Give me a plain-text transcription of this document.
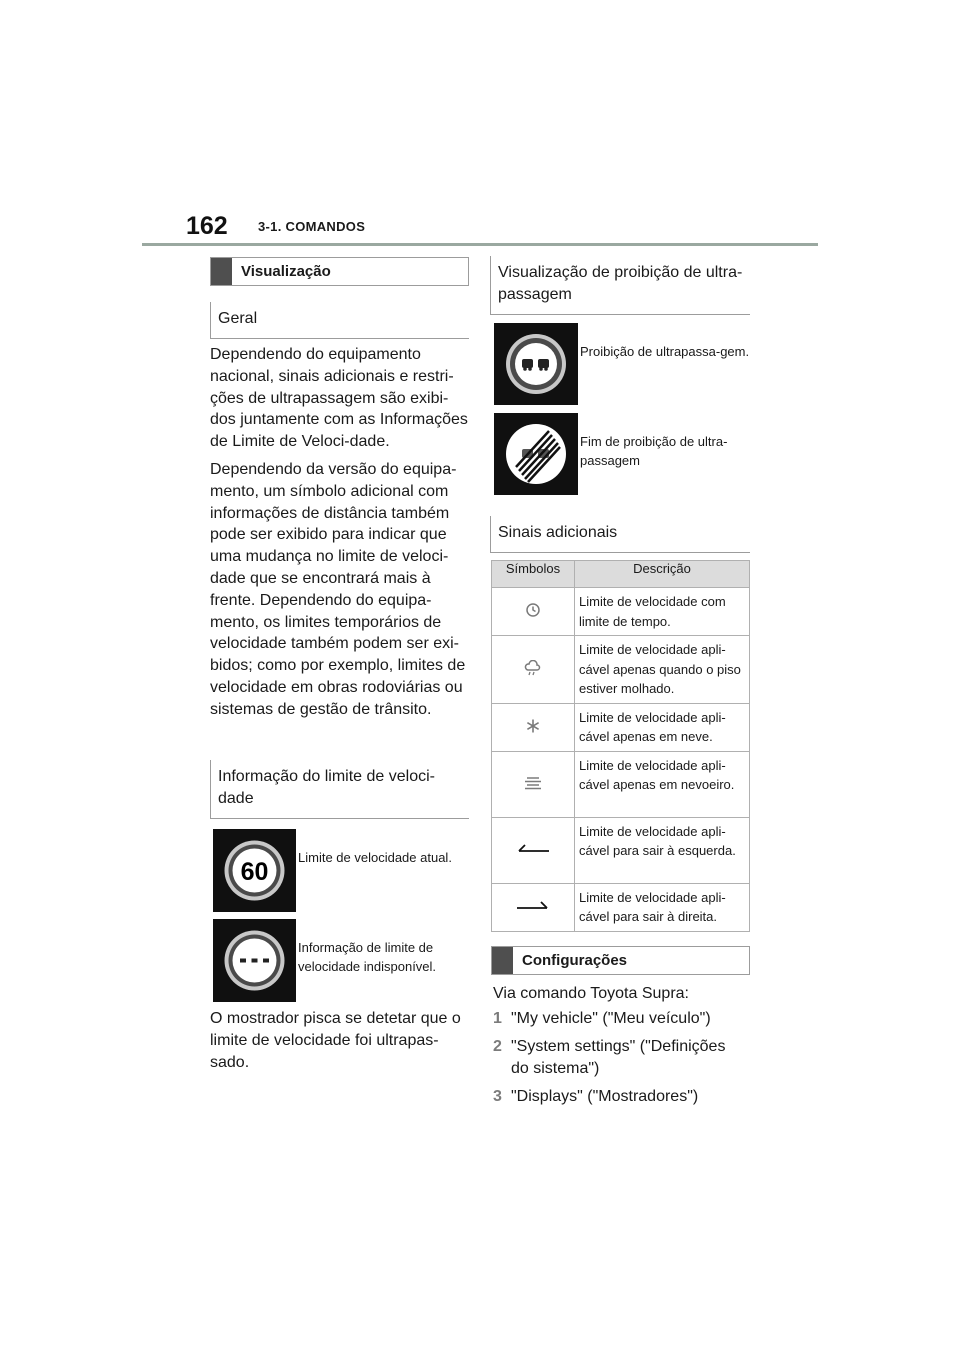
162 3-1. COMANDOS
Visualização
Geral

Dependendo do equipamento nacional, sinais adicionais e restri-ções de ultrapassagem são exibi-dos juntamente com as Informações de Limite de Veloci-dade.

Dependendo da versão do equipa-mento, um símbolo adicional com informações de distância também pode ser exibido para indicar que uma mudança no limite de veloci-dade que se encontrará mais à frente. Dependendo do equipa-mento, os limites temporários de velocidade também podem ser exi-bidos; como por exemplo, limites de velocidade em obras rodoviárias ou sistemas de gestão de trânsito.

Informação do limite de veloci-dade
60
Limite de velocidade atual.
Informação de limite de velocidade indisponível.
O mostrador pisca se detetar que o limite de velocidade foi ultrapas-sado.
Visualização de proibição de ultra-passagem
Proibição de ultrapassa-gem.
Fim de proibição de ultra-passagem
Sinais adicionais
Símbolos	Descrição
	Limite de velocidade com limite de tempo.
	Limite de velocidade apli-cável apenas quando o piso estiver molhado.
	Limite de velocidade apli-cável apenas em neve.
	Limite de velocidade apli-cável apenas em nevoeiro.
	Limite de velocidade apli-cável para sair à esquerda.
	Limite de velocidade apli-cável para sair à direita.
Configurações
Via comando Toyota Supra:
1 "My vehicle" ("Meu veículo")
2 "System settings" ("Definições do sistema")
3 "Displays" ("Mostradores")
